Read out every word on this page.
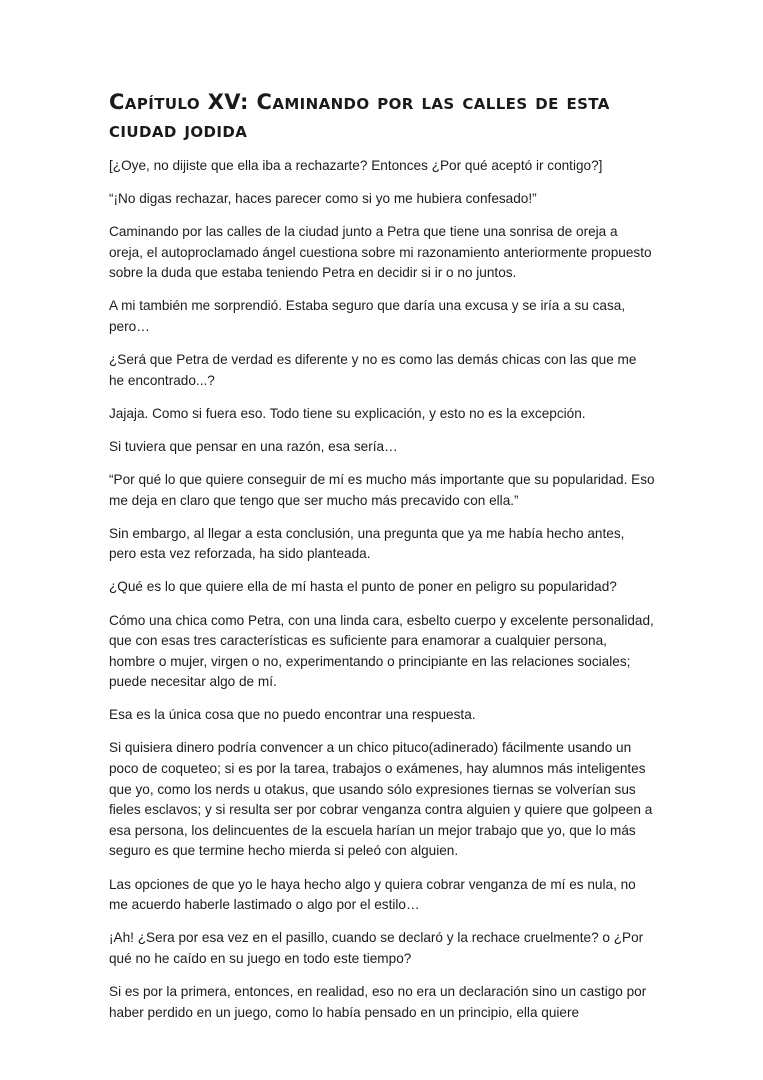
Capítulo XV: Caminando por las calles de esta ciudad jodida

[¿Oye, no dijiste que ella iba a rechazarte? Entonces ¿Por qué aceptó ir contigo?]

“¡No digas rechazar, haces parecer como si yo me hubiera confesado!”

Caminando por las calles de la ciudad junto a Petra que tiene una sonrisa de oreja a oreja, el autoproclamado ángel cuestiona sobre mi razonamiento anteriormente propuesto sobre la duda que estaba teniendo Petra en decidir si ir o no juntos.

A mi también me sorprendió. Estaba seguro que daría una excusa y se iría a su casa, pero…

¿Será que Petra de verdad es diferente y no es como las demás chicas con las que me he encontrado...?

Jajaja. Como si fuera eso. Todo tiene su explicación, y esto no es la excepción.

Si tuviera que pensar en una razón, esa sería…

“Por qué lo que quiere conseguir de mí es mucho más importante que su popularidad. Eso me deja en claro que tengo que ser mucho más precavido con ella.”

Sin embargo, al llegar a esta conclusión, una pregunta que ya me había hecho antes, pero esta vez reforzada, ha sido planteada.

¿Qué es lo que quiere ella de mí hasta el punto de poner en peligro su popularidad?

Cómo una chica como Petra, con una linda cara, esbelto cuerpo y excelente personalidad, que con esas tres características es suficiente para enamorar a cualquier persona, hombre o mujer, virgen o no, experimentando o principiante en las relaciones sociales; puede necesitar algo de mí.

Esa es la única cosa que no puedo encontrar una respuesta.

Si quisiera dinero podría convencer a un chico pituco(adinerado) fácilmente usando un poco de coqueteo; si es por la tarea, trabajos o exámenes, hay alumnos más inteligentes que yo, como los nerds u otakus, que usando sólo expresiones tiernas se volverían sus fieles esclavos; y si resulta ser por cobrar venganza contra alguien y quiere que golpeen a esa persona, los delincuentes de la escuela harían un mejor trabajo que yo, que lo más seguro es que termine hecho mierda si peleó con alguien.

Las opciones de que yo le haya hecho algo y quiera cobrar venganza de mí es nula, no me acuerdo haberle lastimado o algo por el estilo…

¡Ah! ¿Sera por esa vez en el pasillo, cuando se declaró y la rechace cruelmente? o ¿Por qué no he caído en su juego en todo este tiempo?

Si es por la primera, entonces, en realidad, eso no era un declaración sino un castigo por haber perdido en un juego, como lo había pensado en un principio, ella quiere
